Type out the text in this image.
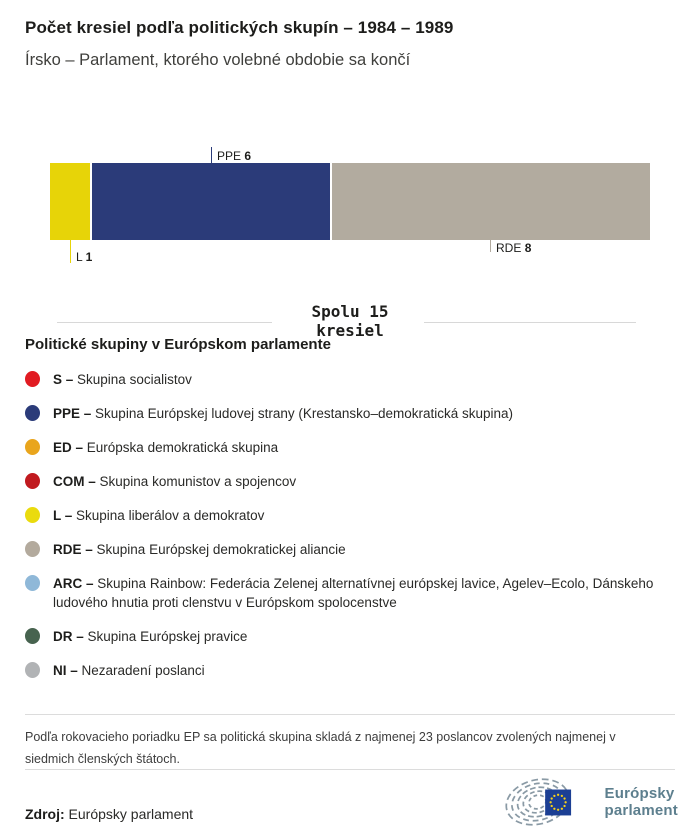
Počet kresiel podľa politických skupín – 1984 – 1989
Írsko – Parlament, ktorého volebné obdobie sa končí
PPE 6
L 1
RDE 8
Spolu 15
kresiel
Politické skupiny v Európskom parlamente
S – Skupina socialistov
PPE – Skupina Európskej ludovej strany (Krestansko–demokratická skupina)
ED – Európska demokratická skupina
COM – Skupina komunistov a spojencov
L – Skupina liberálov a demokratov
RDE – Skupina Európskej demokratickej aliancie
ARC – Skupina Rainbow: Federácia Zelenej alternatívnej európskej lavice, Agelev–Ecolo, Dánskeho ludového hnutia proti clenstvu v Európskom spolocenstve
DR – Skupina Európskej pravice
NI – Nezaradení poslanci
Podľa rokovacieho poriadku EP sa politická skupina skladá z najmenej 23 poslancov zvolených najmenej v siedmich členských štátoch.
Zdroj: Európsky parlament
Európsky
parlament
